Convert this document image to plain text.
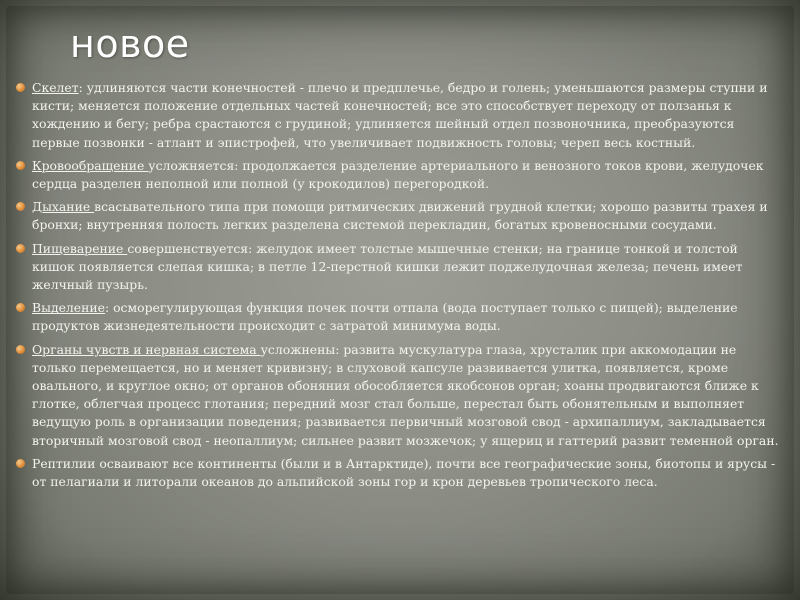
новое
Скелет: удлиняются части конечностей - плечо и предплечье, бедро и голень; уменьшаются размеры ступни и кисти; меняется положение отдельных частей конечностей; все это способствует переходу от ползанья к хождению и бегу; ребра срастаются с грудиной; удлиняется шейный отдел позвоночника, преобразуются первые позвонки - атлант и эпистрофей, что увеличивает подвижность головы; череп весь костный.
Кровообращение усложняется: продолжается разделение артериального и венозного токов крови, желудочек сердца разделен неполной или полной (у крокодилов) перегородкой.
Дыхание всасывательного типа при помощи ритмических движений грудной клетки; хорошо развиты трахея и бронхи; внутренняя полость легких разделена системой перекладин, богатых кровеносными сосудами.
Пищеварение совершенствуется: желудок имеет толстые мышечные стенки; на границе тонкой и толстой кишок появляется слепая кишка; в петле 12-перстной кишки лежит поджелудочная железа; печень имеет желчный пузырь.
Выделение: осморегулирующая функция почек почти отпала (вода поступает только с пищей); выделение продуктов жизнедеятельности происходит с затратой минимума воды.
Органы чувств и нервная система усложнены: развита мускулатура глаза, хрусталик при аккомодации не только перемещается, но и меняет кривизну; в слуховой капсуле развивается улитка, появляется, кроме овального, и круглое окно; от органов обоняния обособляется якобсонов орган; хоаны продвигаются ближе к глотке, облегчая процесс глотания; передний мозг стал больше, перестал быть обонятельным и выполняет ведущую роль в организации поведения; развивается первичный мозговой свод - архипаллиум, закладывается вторичный мозговой свод - неопаллиум; сильнее развит мозжечок; у ящериц и гаттерий развит теменной орган.
Рептилии осваивают все континенты (были и в Антарктиде), почти все географические зоны, биотопы и ярусы - от пелагиали и литорали океанов до альпийской зоны гор и крон деревьев тропического леса.
